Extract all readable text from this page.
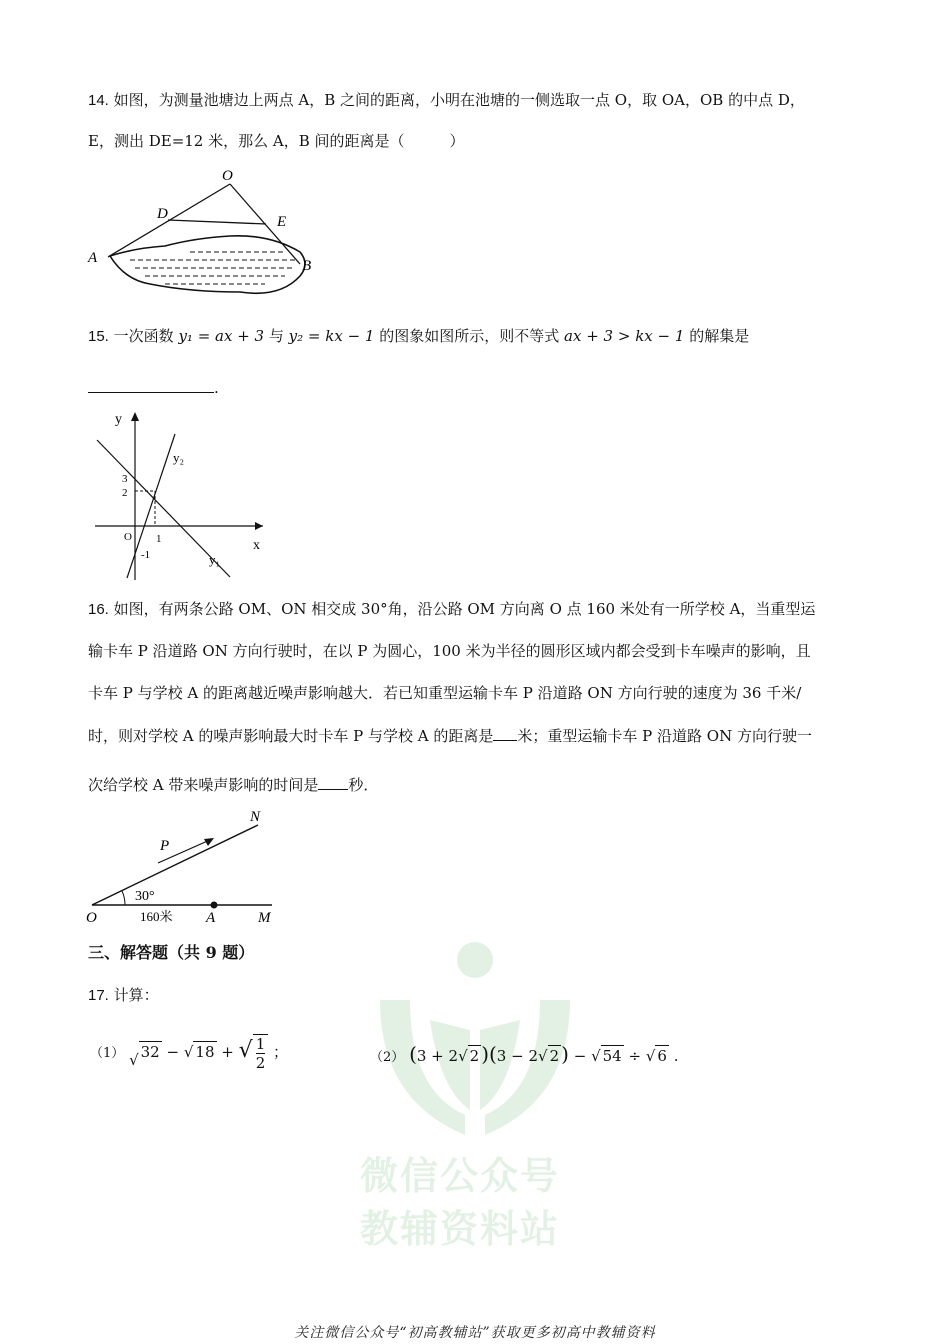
微信公众号
教辅资料站
14. 如图，为测量池塘边上两点 A，B 之间的距离，小明在池塘的一侧选取一点 O，取 OA，OB 的中点 D，
E，测出 DE=12 米，那么 A，B 间的距离是（　　　）
O
D	E
A	B
15. 一次函数 y₁ = ax + 3 与 y₂ = kx − 1 的图象如图所示，则不等式 ax + 3 > kx − 1 的解集是
.
y
x
3
2
O 1
-1	y₁
y₂
16. 如图，有两条公路 OM、ON 相交成 30°角，沿公路 OM 方向离 O 点 160 米处有一所学校 A，当重型运
输卡车 P 沿道路 ON 方向行驶时，在以 P 为圆心，100 米为半径的圆形区域内都会受到卡车噪声的影响，且
卡车 P 与学校 A 的距离越近噪声影响越大．若已知重型运输卡车 P 沿道路 ON 方向行驶的速度为 36 千米/
时，则对学校 A 的噪声影响最大时卡车 P 与学校 A 的距离是 米；重型运输卡车 P 沿道路 ON 方向行驶一
次给学校 A 带来噪声影响的时间是 秒．
N
P
30°
O	160米 A	M
三、解答题（共 9 题）
17. 计算：
（1） √ 32 − √ 18 + √ $\frac{1}{2}$ ；	（2） (3 + 2√ 2 )(3 − 2√ 2 ) − √ 54 ÷ √ 6 .
关注微信公众号“初高教辅站”获取更多初高中教辅资料
